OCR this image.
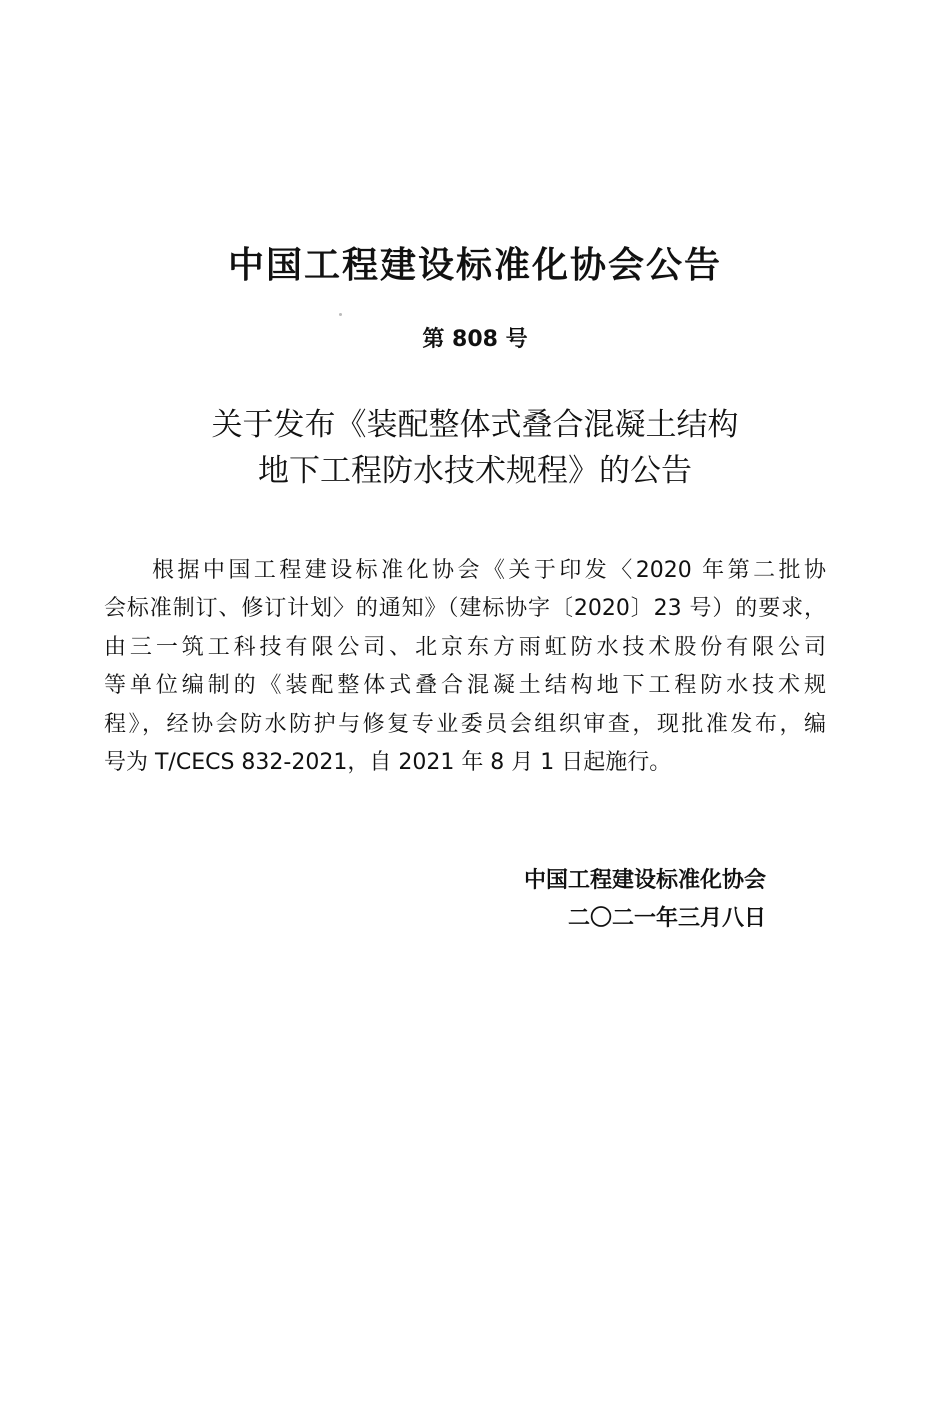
中国工程建设标准化协会公告
第 808 号
关于发布《装配整体式叠合混凝土结构
地下工程防水技术规程》的公告
根据中国工程建设标准化协会《关于印发〈2020 年第二批协
会标准制订、修订计划〉的通知》（建标协字〔2020〕23 号）的要求，
由三一筑工科技有限公司、北京东方雨虹防水技术股份有限公司
等单位编制的《装配整体式叠合混凝土结构地下工程防水技术规
程》，经协会防水防护与修复专业委员会组织审查，现批准发布，编
号为 T/CECS 832-2021，自 2021 年 8 月 1 日起施行。
中国工程建设标准化协会
二〇二一年三月八日
